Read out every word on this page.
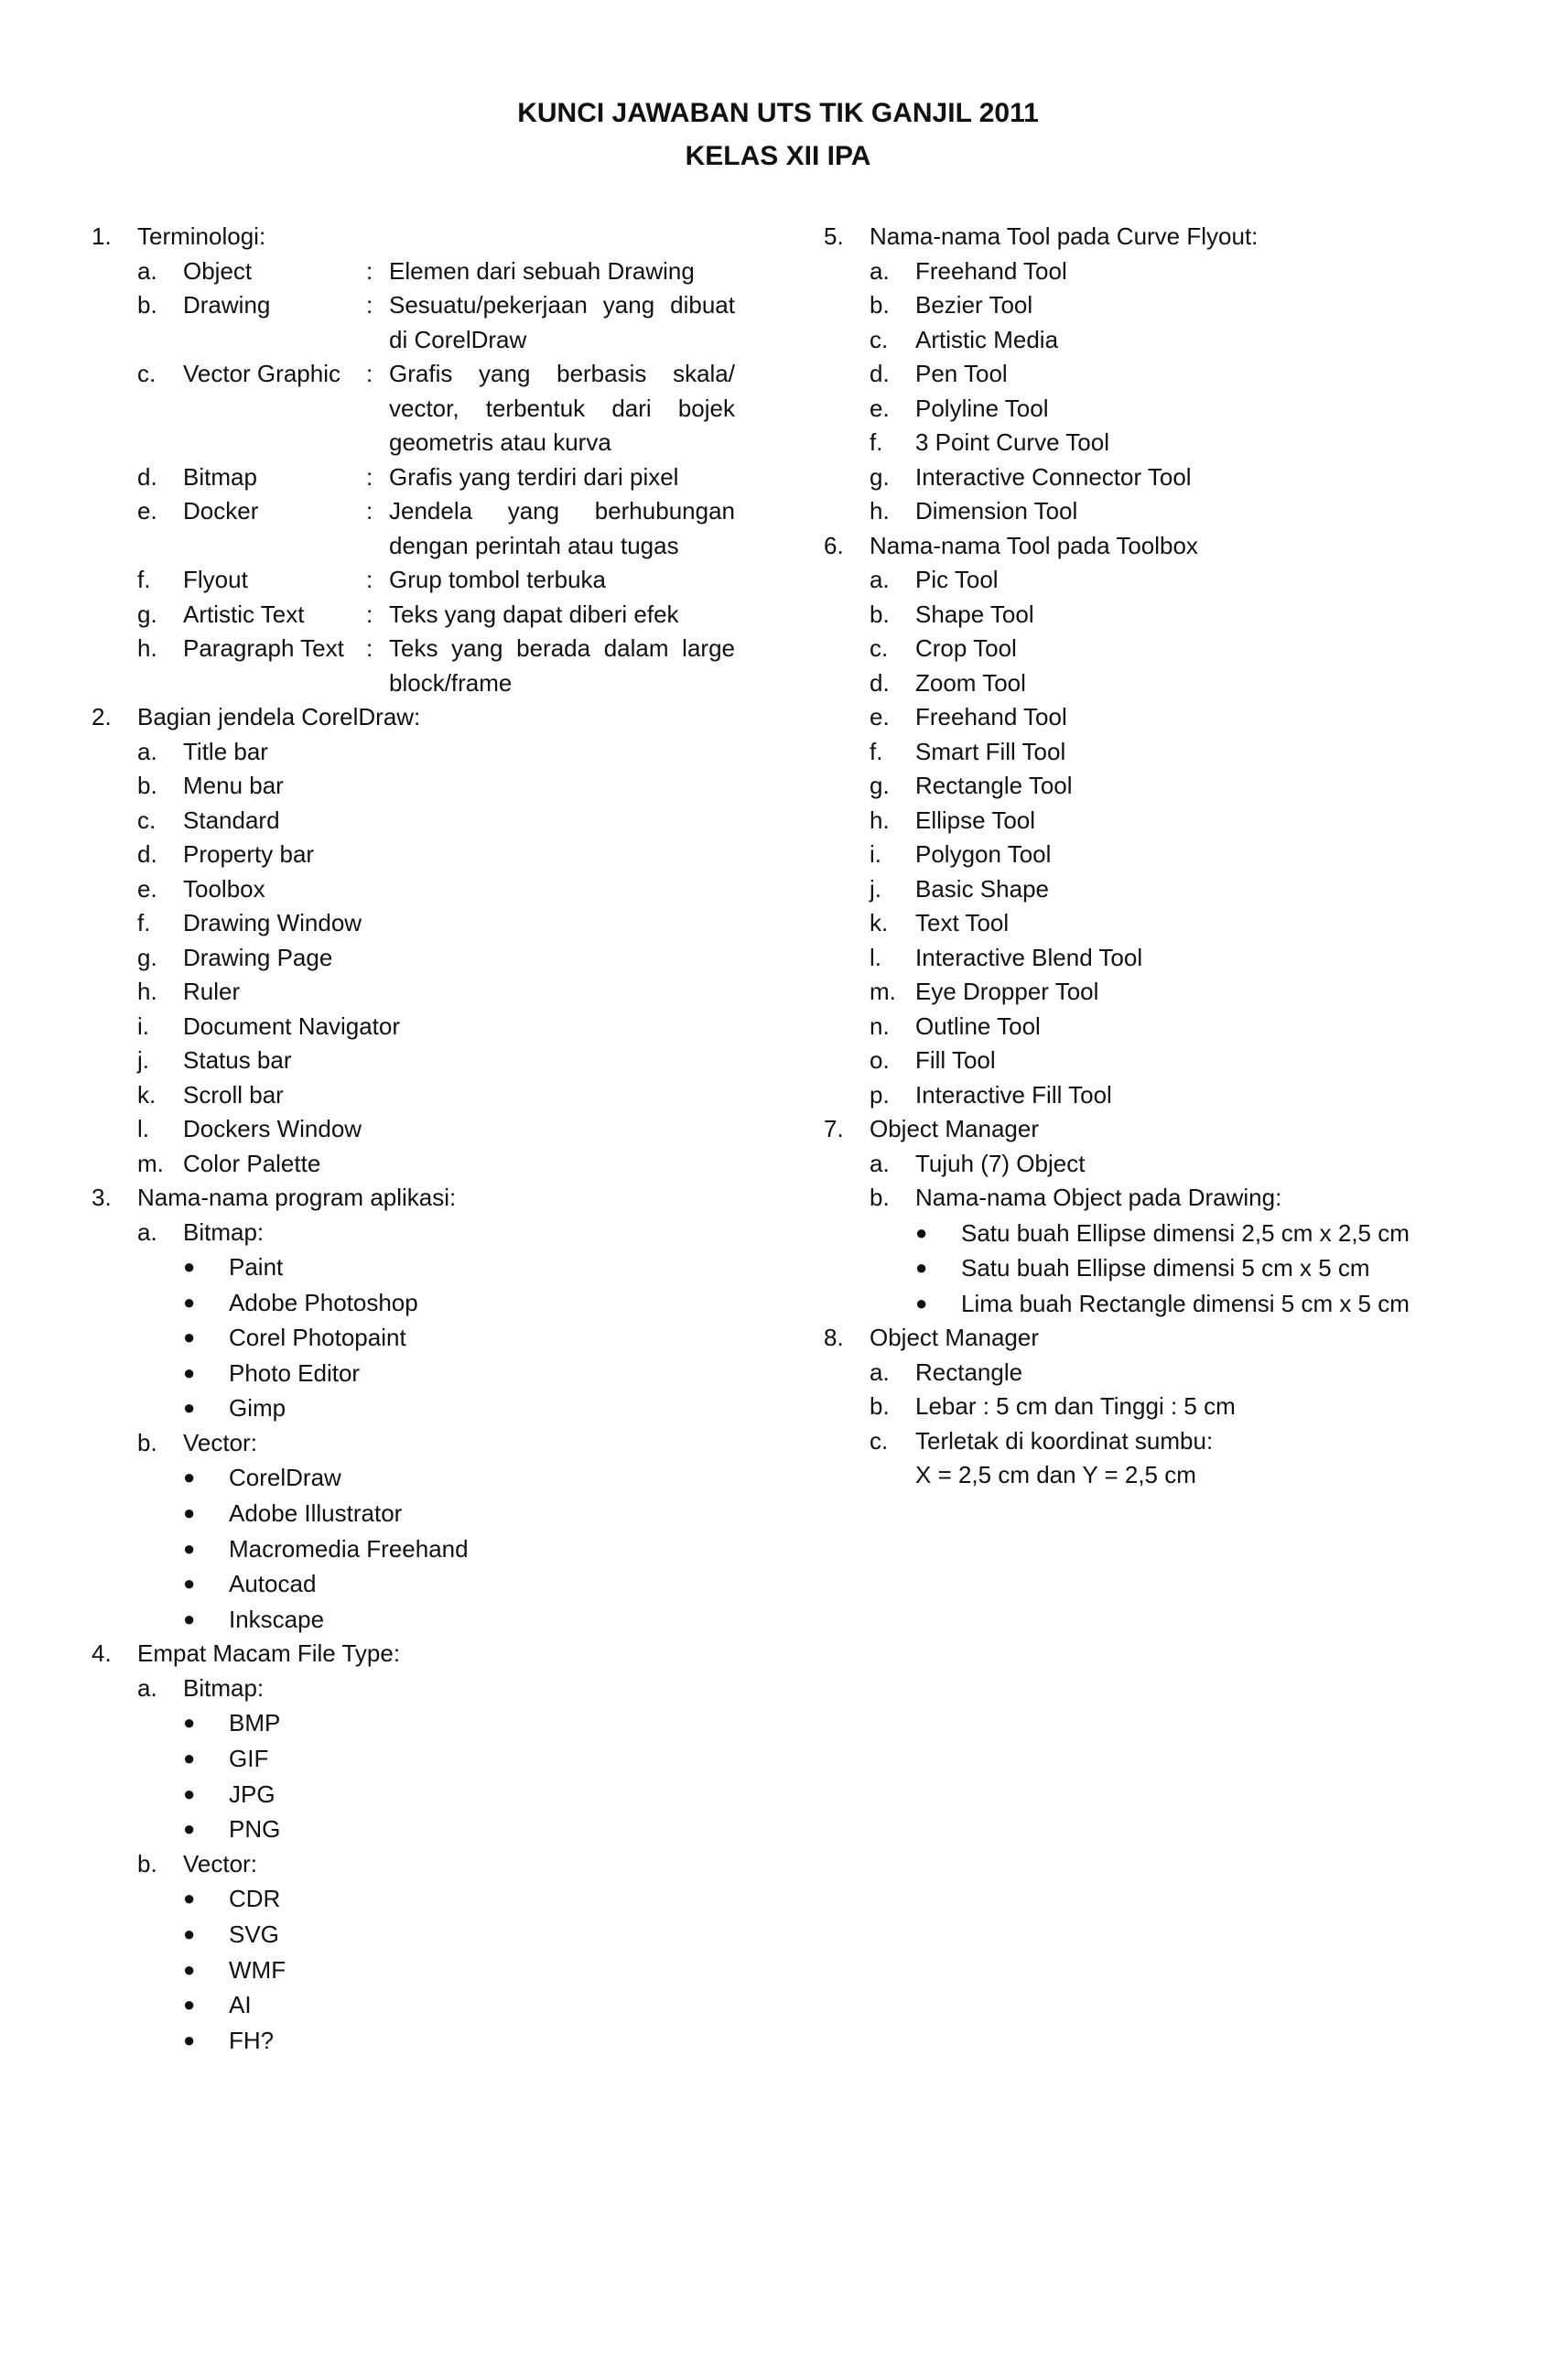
KUNCI JAWABAN UTS TIK GANJIL 2011
KELAS XII IPA
1.	Terminologi:
a.	Object	: Elemen dari sebuah Drawing
b.	Drawing	: Sesuatu/pekerjaan yang dibuat di CorelDraw
c.	Vector Graphic	: Grafis yang berbasis skala/ vector, terbentuk dari bojek geometris atau kurva
d.	Bitmap	: Grafis yang terdiri dari pixel
e.	Docker	: Jendela yang berhubungan dengan perintah atau tugas
f.	Flyout	: Grup tombol terbuka
g.	Artistic Text	: Teks yang dapat diberi efek
h.	Paragraph Text : Teks yang berada dalam large block/frame
2.	Bagian jendela CorelDraw:
a.	Title bar
b.	Menu bar
c.	Standard
d.	Property bar
e.	Toolbox
f.	Drawing Window
g.	Drawing Page
h.	Ruler
i.	Document Navigator
j.	Status bar
k.	Scroll bar
l.	Dockers Window
m. Color Palette
3.	Nama-nama program aplikasi:
a.	Bitmap:
●	Paint
●	Adobe Photoshop
●	Corel Photopaint
●	Photo Editor
●	Gimp
b.	Vector:
●	CorelDraw
●	Adobe Illustrator
●	Macromedia Freehand
●	Autocad
●	Inkscape
4.	Empat Macam File Type:
a.	Bitmap:
●	BMP
●	GIF
●	JPG
●	PNG
b.	Vector:
●	CDR
●	SVG
●	WMF
●	AI
●	FH?
5.	Nama-nama Tool pada Curve Flyout:
a.	Freehand Tool
b.	Bezier Tool
c.	Artistic Media
d.	Pen Tool
e.	Polyline Tool
f.	3 Point Curve Tool
g.	Interactive Connector Tool
h.	Dimension Tool
6.	Nama-nama Tool pada Toolbox
a.	Pic Tool
b.	Shape Tool
c.	Crop Tool
d.	Zoom Tool
e.	Freehand Tool
f.	Smart Fill Tool
g.	Rectangle Tool
h.	Ellipse Tool
i.	Polygon Tool
j.	Basic Shape
k.	Text Tool
l.	Interactive Blend Tool
m. Eye Dropper Tool
n.	Outline Tool
o.	Fill Tool
p.	Interactive Fill Tool
7.	Object Manager
a.	Tujuh (7) Object
b.	Nama-nama Object pada Drawing:
●	Satu buah Ellipse dimensi 2,5 cm x 2,5 cm
●	Satu buah Ellipse dimensi 5 cm x 5 cm
●	Lima buah Rectangle dimensi 5 cm x 5 cm
8.	Object Manager
a.	Rectangle
b.	Lebar : 5 cm dan Tinggi : 5 cm
c.	Terletak di koordinat sumbu:
X = 2,5 cm dan Y = 2,5 cm
